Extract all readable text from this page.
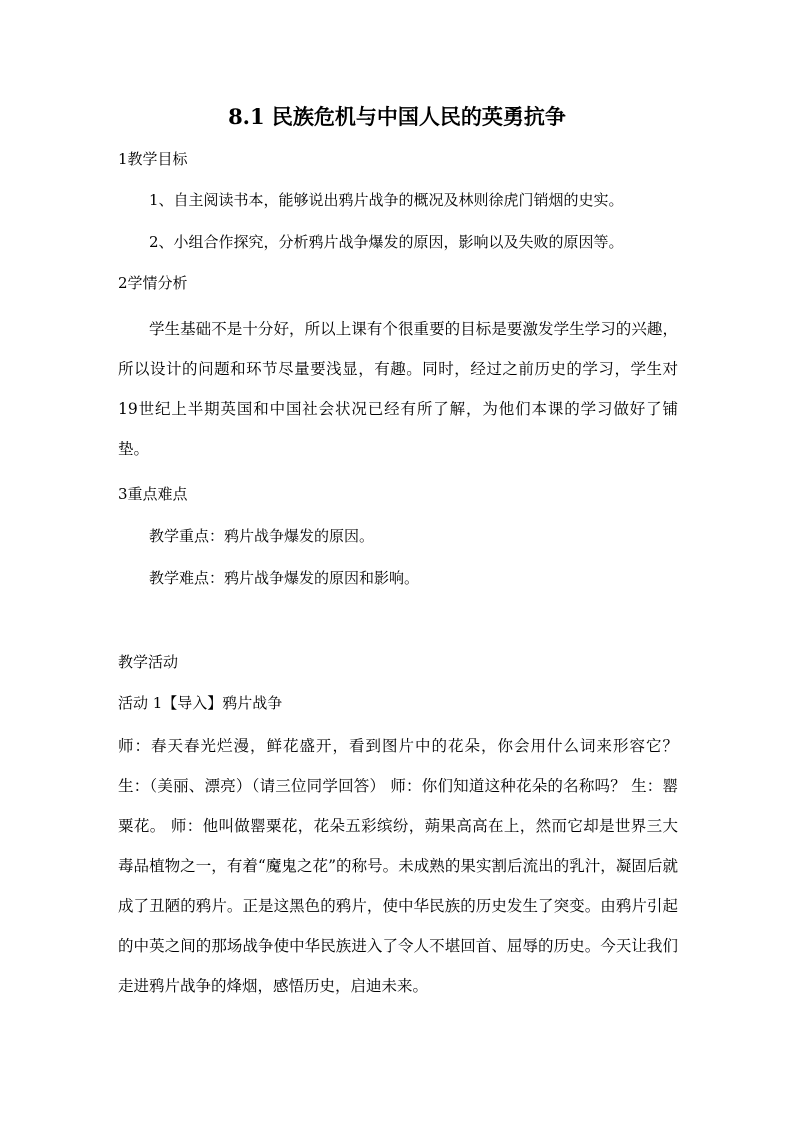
8.1 民族危机与中国人民的英勇抗争
1教学目标
1、自主阅读书本，能够说出鸦片战争的概况及林则徐虎门销烟的史实。
2、小组合作探究，分析鸦片战争爆发的原因，影响以及失败的原因等。
2学情分析
学生基础不是十分好，所以上课有个很重要的目标是要激发学生学习的兴趣，所以设计的问题和环节尽量要浅显，有趣。同时，经过之前历史的学习，学生对 19世纪上半期英国和中国社会状况已经有所了解，为他们本课的学习做好了铺垫。
3重点难点
教学重点：鸦片战争爆发的原因。
教学难点：鸦片战争爆发的原因和影响。
教学活动
活动 1【导入】鸦片战争
师：春天春光烂漫，鲜花盛开，看到图片中的花朵，你会用什么词来形容它？ 生：（美丽、漂亮）（请三位同学回答） 师：你们知道这种花朵的名称吗？ 生：罂粟花。 师：他叫做罂粟花，花朵五彩缤纷，蒴果高高在上，然而它却是世界三大毒品植物之一，有着“魔鬼之花”的称号。未成熟的果实割后流出的乳汁，凝固后就成了丑陋的鸦片。正是这黑色的鸦片，使中华民族的历史发生了突变。由鸦片引起的中英之间的那场战争使中华民族进入了令人不堪回首、屈辱的历史。今天让我们走进鸦片战争的烽烟，感悟历史，启迪未来。
